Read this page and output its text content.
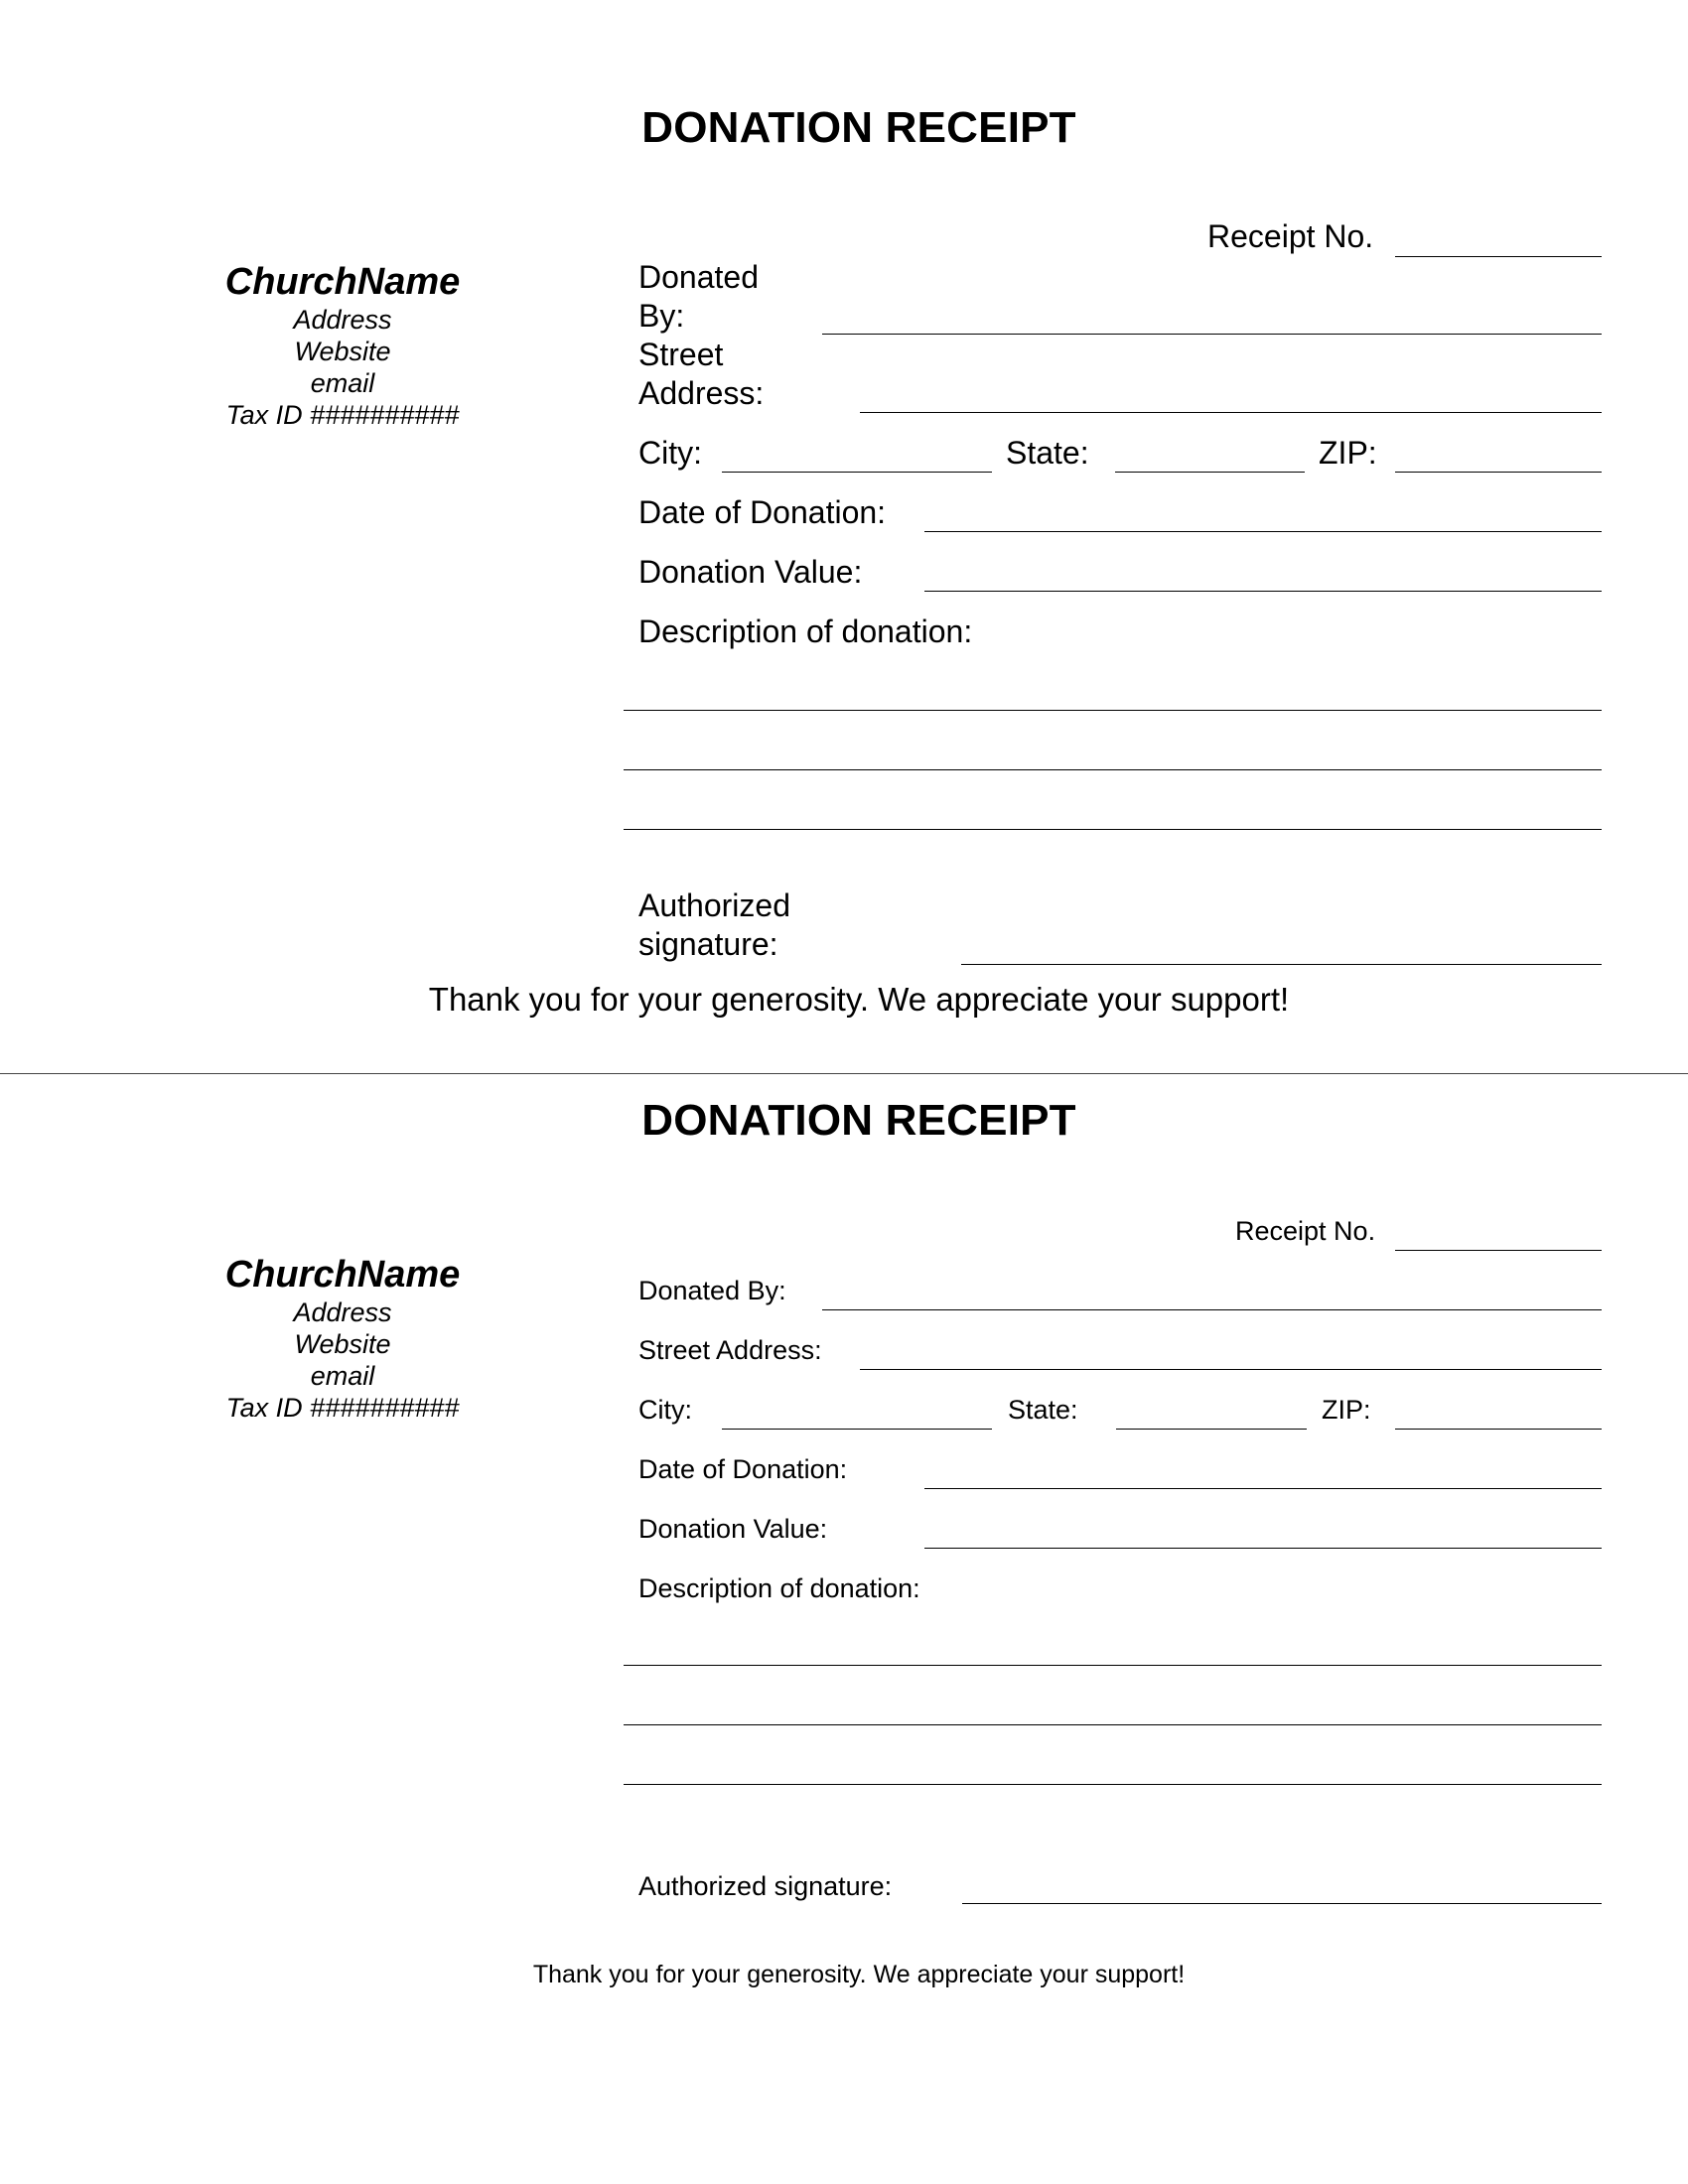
DONATION RECEIPT
ChurchName
Address
Website
email
Tax ID ##########
Receipt No.
Donated By:
Street Address:
City:	State:	ZIP:
Date of Donation:
Donation Value:
Description of donation:
Authorized signature:
Thank you for your generosity. We appreciate your support!
DONATION RECEIPT
ChurchName
Address
Website
email
Tax ID ##########
Receipt No.
Donated By:
Street Address:
City:	State:	ZIP:
Date of Donation:
Donation Value:
Description of donation:
Authorized signature:
Thank you for your generosity. We appreciate your support!
